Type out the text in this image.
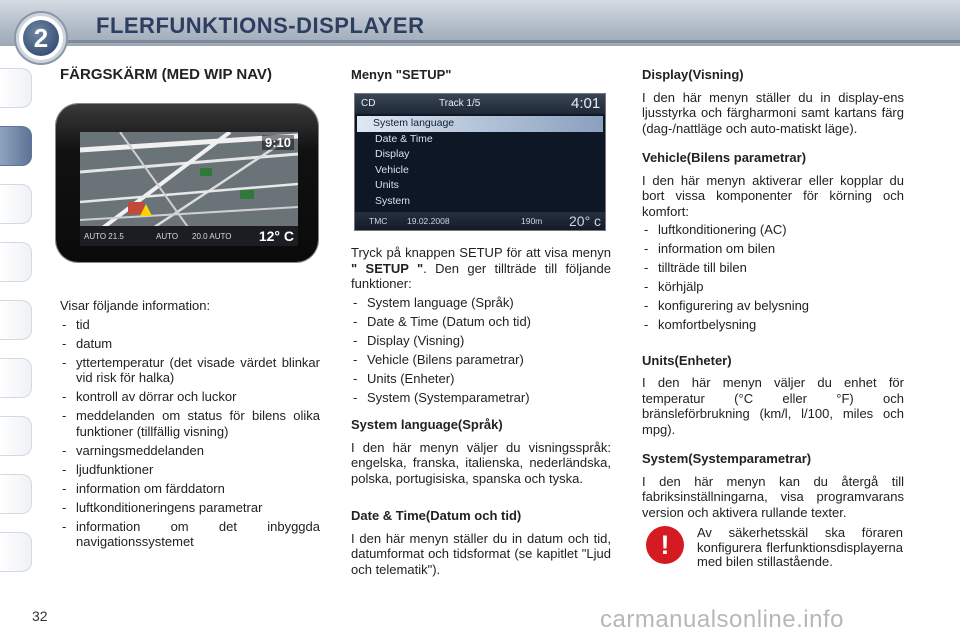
2	FLERFUNKTIONS-DISPLAYER
FÄRGSKÄRM (MED WIP NAV)
9:10
AUTO 21.5	AUTO 20.0 AUTO 12° C

Visar följande information:

- tid
- datum
- yttertemperatur (det visade värdet blinkar vid risk för halka)
- kontroll av dörrar och luckor
- meddelanden om status för bilens olika funktioner (tillfällig visning)
- varningsmeddelanden
- ljudfunktioner
- information om färddatorn
- luftkonditioneringens parametrar
- information om det inbyggda navigationssystemet
Menyn "SETUP"
CD	Track 1/5	4:01
System language
Date & Time
Display
Vehicle
Units
System
TMC 19.02.2008	190m 20° c

Tryck på knappen SETUP för att visa menyn " SETUP ". Den ger tillträde till följande funktioner:

- System language (Språk)
- Date & Time (Datum och tid)
- Display (Visning)
- Vehicle (Bilens parametrar)
- Units (Enheter)
- System (Systemparametrar)
System language(Språk)

I den här menyn väljer du visningsspråk: engelska, franska, italienska, nederländska, polska, portugisiska, spanska och tyska.

Date & Time(Datum och tid)

I den här menyn ställer du in datum och tid, datumformat och tidsformat (se kapitlet "Ljud och telematik").

Display(Visning)

I den här menyn ställer du in display-ens ljusstyrka och färgharmoni samt kartans färg (dag-/nattläge och auto-matiskt läge).

Vehicle(Bilens parametrar)

I den här menyn aktiverar eller kopplar du bort vissa komponenter för körning och komfort:

- luftkonditionering (AC)
- information om bilen
- tillträde till bilen
- körhjälp
- konfigurering av belysning
- komfortbelysning
Units(Enheter)

I den här menyn väljer du enhet för temperatur (°C eller °F) och bränsleförbrukning (km/l, l/100, miles och mpg).

System(Systemparametrar)

I den här menyn kan du återgå till fabriksinställningarna, visa programvarans version och aktivera rullande texter.

!	Av säkerhetsskäl ska föraren konfigurera flerfunktionsdisplayerna med bilen stillastående.
32	carmanualsonline.info
